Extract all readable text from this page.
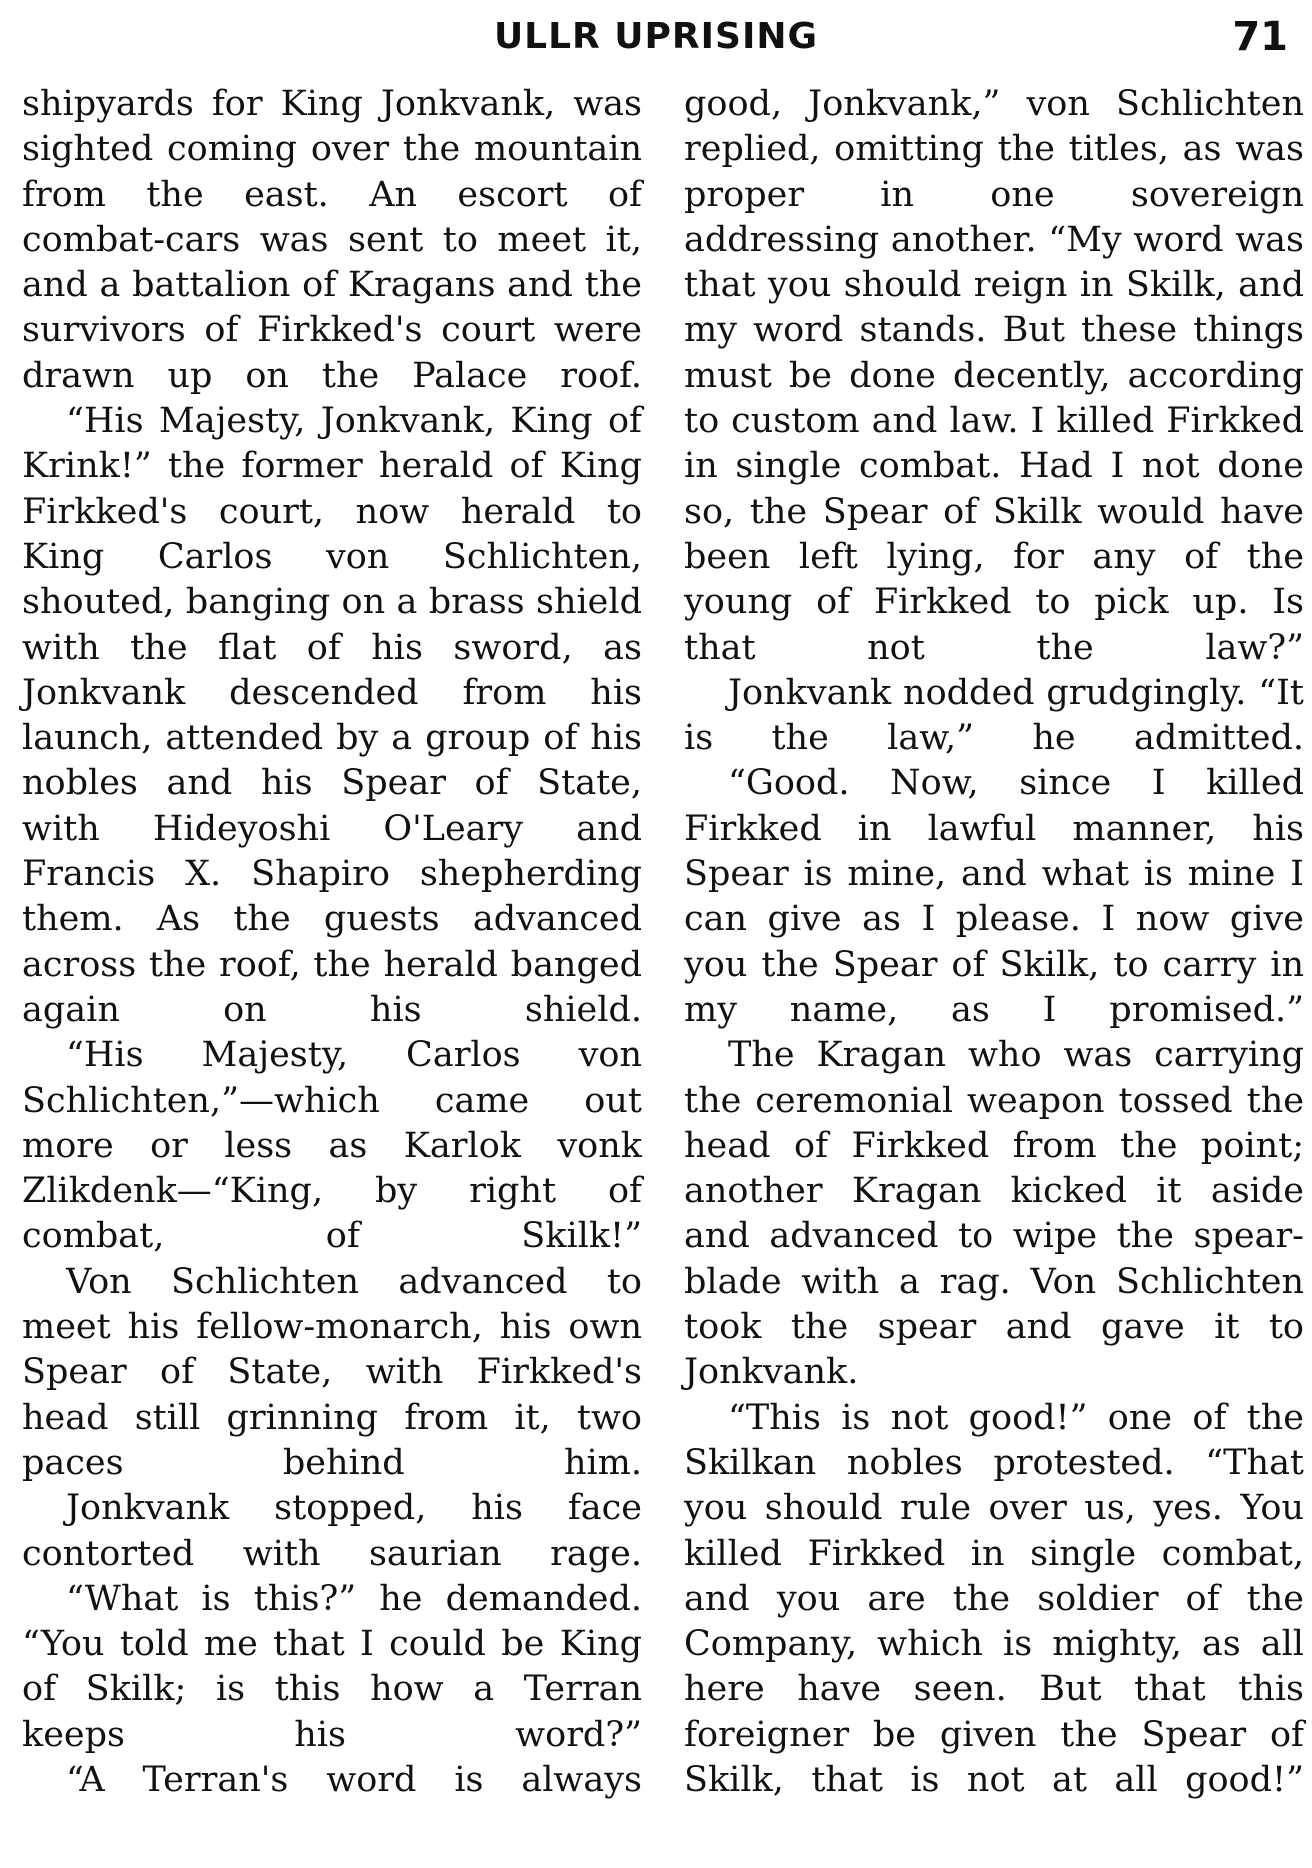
ULLR UPRISING	71

shipyards for King Jonkvank, was sighted coming over the mountain from the east. An escort of combat-cars was sent to meet it, and a battalion of Kragans and the survivors of Firkked's court were drawn up on the Palace roof.

“His Majesty, Jonkvank, King of Krink!” the former herald of King Firkked's court, now herald to King Carlos von Schlichten, shouted, banging on a brass shield with the flat of his sword, as Jonkvank descended from his launch, attended by a group of his nobles and his Spear of State, with Hideyoshi O'Leary and Francis X. Shapiro shepherding them. As the guests advanced across the roof, the herald banged again on his shield.

“His Majesty, Carlos von Schlichten,”—which came out more or less as Karlok vonk Zlikdenk—“King, by right of combat, of Skilk!”

Von Schlichten advanced to meet his fellow-monarch, his own Spear of State, with Firkked's head still grinning from it, two paces behind him.

Jonkvank stopped, his face contorted with saurian rage.

“What is this?” he demanded. “You told me that I could be King of Skilk; is this how a Terran keeps his word?”

“A Terran's word is always

good, Jonkvank,” von Schlichten replied, omitting the titles, as was proper in one sovereign addressing another. “My word was that you should reign in Skilk, and my word stands. But these things must be done decently, according to custom and law. I killed Firkked in single combat. Had I not done so, the Spear of Skilk would have been left lying, for any of the young of Firkked to pick up. Is that not the law?”

Jonkvank nodded grudgingly. “It is the law,” he admitted.

“Good. Now, since I killed Firkked in lawful manner, his Spear is mine, and what is mine I can give as I please. I now give you the Spear of Skilk, to carry in my name, as I promised.”

The Kragan who was carrying the ceremonial weapon tossed the head of Firkked from the point; another Kragan kicked it aside and advanced to wipe the spear-blade with a rag. Von Schlichten took the spear and gave it to Jonkvank.

“This is not good!” one of the Skilkan nobles protested. “That you should rule over us, yes. You killed Firkked in single combat, and you are the soldier of the Company, which is mighty, as all here have seen. But that this foreigner be given the Spear of Skilk, that is not at all good!”
